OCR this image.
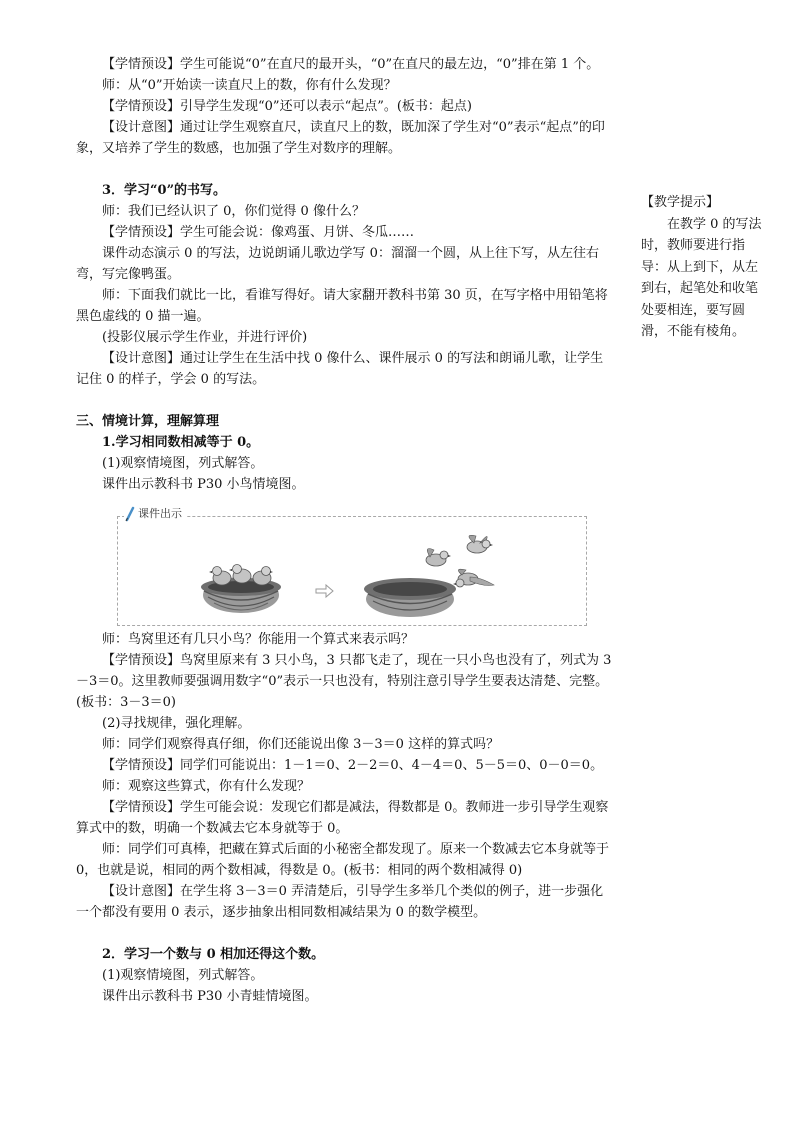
【学情预设】学生可能说“0”在直尺的最开头，“0”在直尺的最左边，“0”排在第 1 个。

师：从“0”开始读一读直尺上的数，你有什么发现？

【学情预设】引导学生发现“0”还可以表示“起点”。(板书：起点)

【设计意图】通过让学生观察直尺，读直尺上的数，既加深了学生对“0”表示“起点”的印象，又培养了学生的数感，也加强了学生对数序的理解。

3．学习“0”的书写。

师：我们已经认识了 0，你们觉得 0 像什么？

【学情预设】学生可能会说：像鸡蛋、月饼、冬瓜……

课件动态演示 0 的写法，边说朗诵儿歌边学写 0：溜溜一个圆，从上往下写，从左往右弯，写完像鸭蛋。

师：下面我们就比一比，看谁写得好。请大家翻开教科书第 30 页，在写字格中用铅笔将黑色虚线的 0 描一遍。

(投影仪展示学生作业，并进行评价)

【设计意图】通过让学生在生活中找 0 像什么、课件展示 0 的写法和朗诵儿歌，让学生记住 0 的样子，学会 0 的写法。

三、情境计算，理解算理

1.学习相同数相减等于 0。

(1)观察情境图，列式解答。

课件出示教科书 P30 小鸟情境图。

师：鸟窝里还有几只小鸟？你能用一个算式来表示吗？

【学情预设】鸟窝里原来有 3 只小鸟，3 只都飞走了，现在一只小鸟也没有了，列式为 3－3＝0。这里教师要强调用数字“0”表示一只也没有，特别注意引导学生要表达清楚、完整。(板书：3－3＝0)

(2)寻找规律，强化理解。

师：同学们观察得真仔细，你们还能说出像 3－3＝0 这样的算式吗？

【学情预设】同学们可能说出：1－1＝0、2－2＝0、4－4＝0、5－5＝0、0－0＝0。

师：观察这些算式，你有什么发现？

【学情预设】学生可能会说：发现它们都是减法，得数都是 0。教师进一步引导学生观察算式中的数，明确一个数减去它本身就等于 0。

师：同学们可真棒，把藏在算式后面的小秘密全都发现了。原来一个数减去它本身就等于 0，也就是说，相同的两个数相减，得数是 0。(板书：相同的两个数相减得 0)

【设计意图】在学生将 3－3＝0 弄清楚后，引导学生多举几个类似的例子，进一步强化一个都没有要用 0 表示，逐步抽象出相同数相减结果为 0 的数学模型。

2．学习一个数与 0 相加还得这个数。

(1)观察情境图，列式解答。

课件出示教科书 P30 小青蛙情境图。

【教学提示】

在教学 0 的写法时，教师要进行指导：从上到下，从左到右，起笔处和收笔处要相连，要写圆滑，不能有棱角。

课件出示
